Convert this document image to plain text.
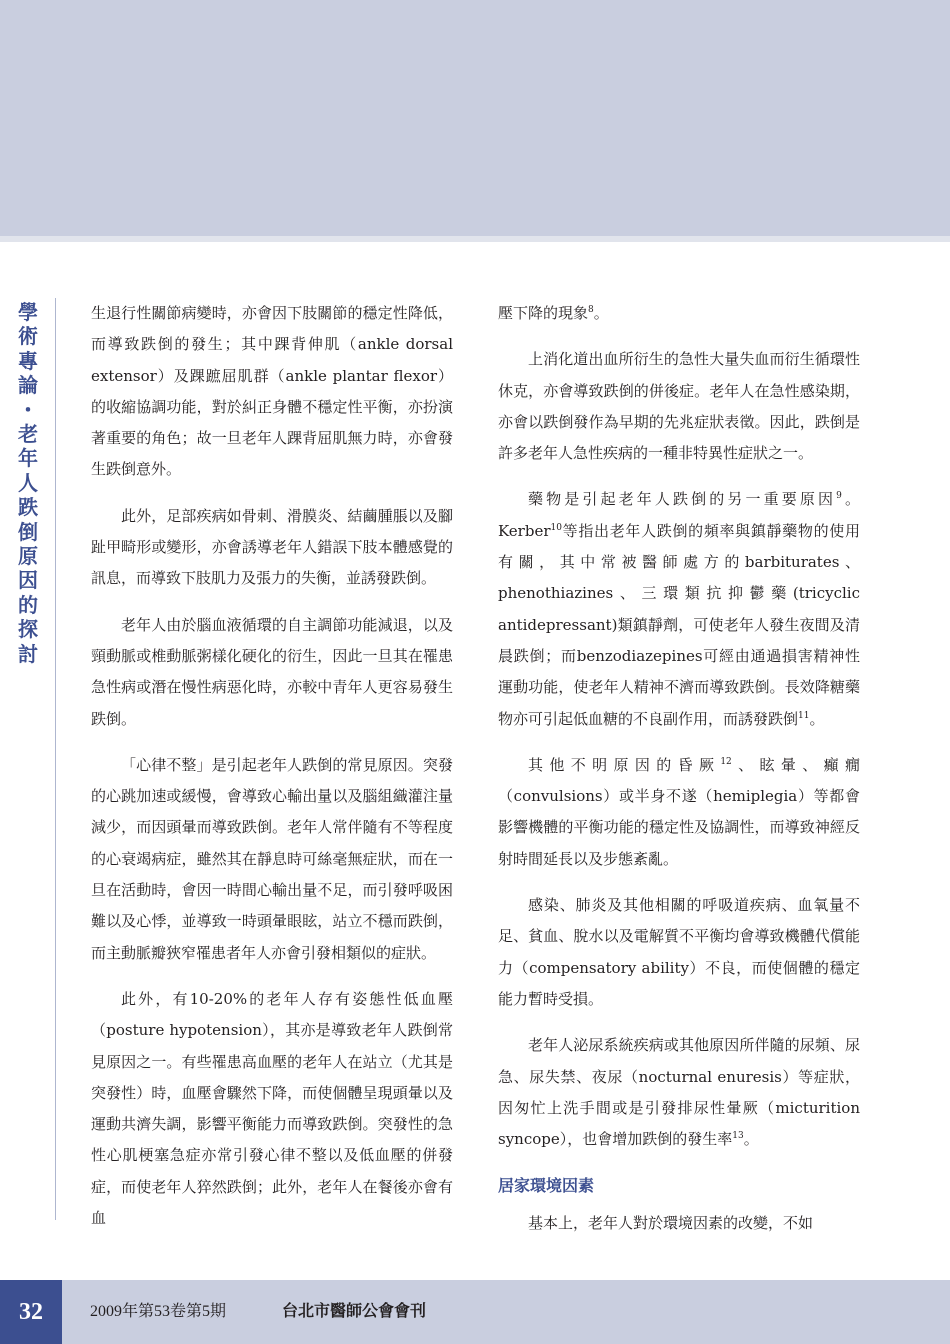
學
術
專
論
・
老
年
人
跌
倒
原
因
的
探
討

生退行性關節病變時，亦會因下肢關節的穩定性降低，而導致跌倒的發生；其中踝背伸肌（ankle dorsal extensor）及踝蹠屈肌群（ankle plantar flexor）的收縮協調功能，對於糾正身體不穩定性平衡，亦扮演著重要的角色；故一旦老年人踝背屈肌無力時，亦會發生跌倒意外。

此外，足部疾病如骨刺、滑膜炎、結繭腫脹以及腳趾甲畸形或變形，亦會誘導老年人錯誤下肢本體感覺的訊息，而導致下肢肌力及張力的失衡，並誘發跌倒。

老年人由於腦血液循環的自主調節功能減退，以及頸動脈或椎動脈粥樣化硬化的衍生，因此一旦其在罹患急性病或潛在慢性病惡化時，亦較中青年人更容易發生跌倒。

「心律不整」是引起老年人跌倒的常見原因。突發的心跳加速或緩慢，會導致心輸出量以及腦組織灌注量減少，而因頭暈而導致跌倒。老年人常伴隨有不等程度的心衰竭病症，雖然其在靜息時可絲毫無症狀，而在一旦在活動時，會因一時間心輸出量不足，而引發呼吸困難以及心悸，並導致一時頭暈眼眩，站立不穩而跌倒，而主動脈瓣狹窄罹患者年人亦會引發相類似的症狀。

此外，有10-20%的老年人存有姿態性低血壓（posture hypotension），其亦是導致老年人跌倒常見原因之一。有些罹患高血壓的老年人在站立（尤其是突發性）時，血壓會驟然下降，而使個體呈現頭暈以及運動共濟失調，影響平衡能力而導致跌倒。突發性的急性心肌梗塞急症亦常引發心律不整以及低血壓的併發症，而使老年人猝然跌倒；此外，老年人在餐後亦會有血

壓下降的現象$^8$。

上消化道出血所衍生的急性大量失血而衍生循環性休克，亦會導致跌倒的併後症。老年人在急性感染期，亦會以跌倒發作為早期的先兆症狀表徵。因此，跌倒是許多老年人急性疾病的一種非特異性症狀之一。

藥物是引起老年人跌倒的另一重要原因$^9$。Kerber$^{10}$等指出老年人跌倒的頻率與鎮靜藥物的使用有關，其中常被醫師處方的barbiturates、phenothiazines、三環類抗抑鬱藥(tricyclic antidepressant)類鎮靜劑，可使老年人發生夜間及清晨跌倒；而benzodiazepines可經由通過損害精神性運動功能，使老年人精神不濟而導致跌倒。長效降糖藥物亦可引起低血糖的不良副作用，而誘發跌倒$^{11}$。

其他不明原因的昏厥$^{12}$、眩暈、癲癇（convulsions）或半身不遂（hemiplegia）等都會影響機體的平衡功能的穩定性及協調性，而導致神經反射時間延長以及步態紊亂。

感染、肺炎及其他相關的呼吸道疾病、血氧量不足、貧血、脫水以及電解質不平衡均會導致機體代償能力（compensatory ability）不良，而使個體的穩定能力暫時受損。

老年人泌尿系統疾病或其他原因所伴隨的尿頻、尿急、尿失禁、夜尿（nocturnal enuresis）等症狀，因匆忙上洗手間或是引發排尿性暈厥（micturition syncope），也會增加跌倒的發生率$^{13}$。

居家環境因素

基本上，老年人對於環境因素的改變，不如

32	2009年第53卷第5期	台北市醫師公會會刊
